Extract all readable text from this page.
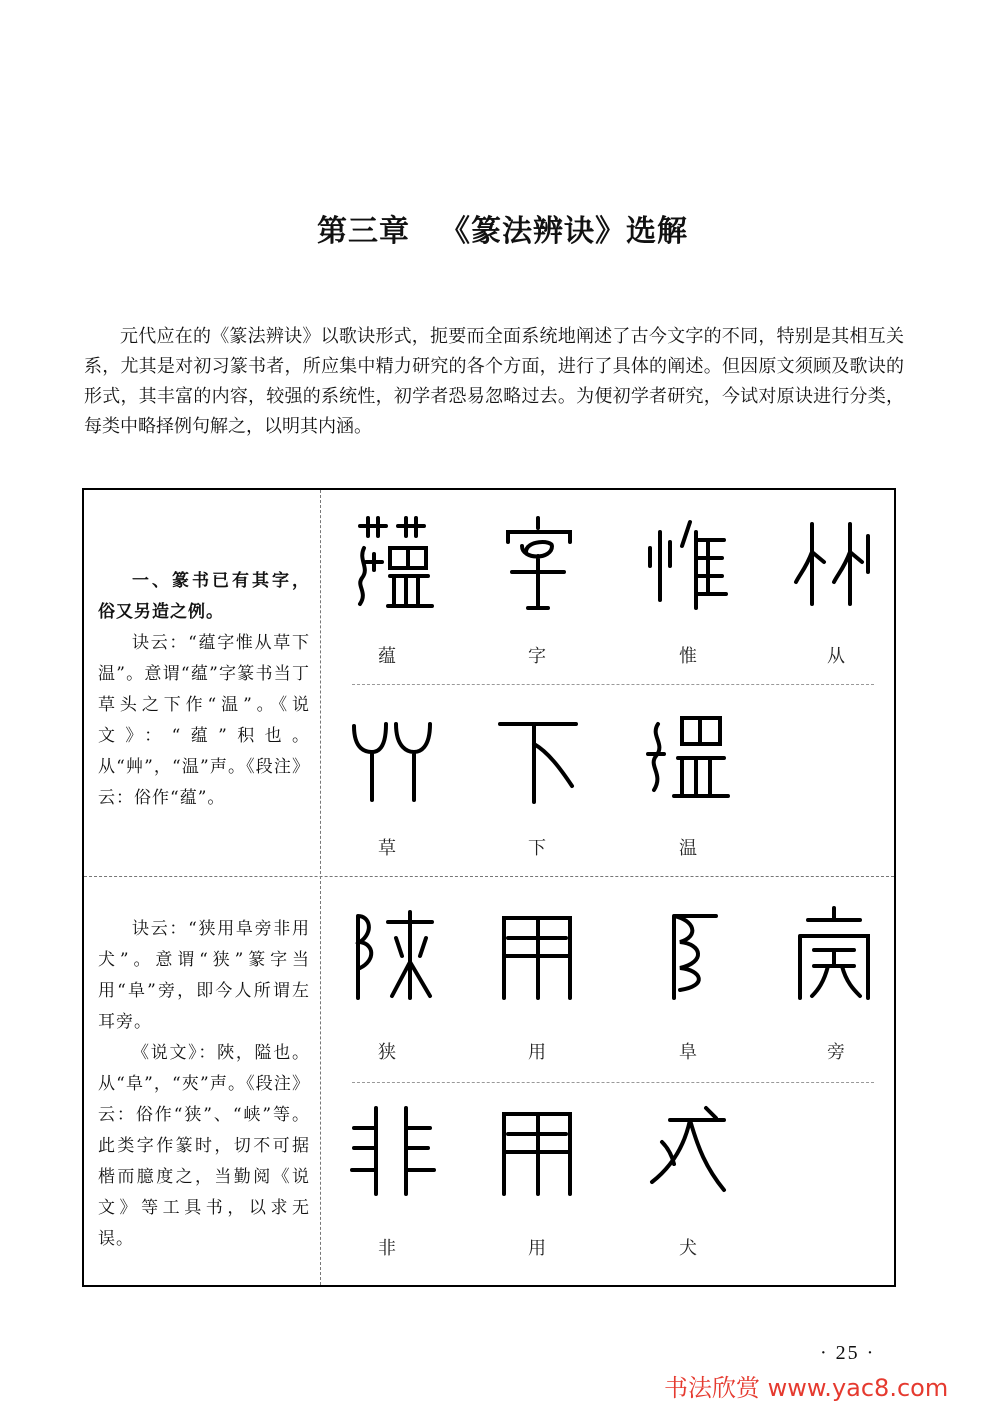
第三章 《篆法辨诀》选解

元代应在的《篆法辨诀》以歌诀形式，扼要而全面系统地阐述了古今文字的不同，特别是其相互关系，尤其是对初习篆书者，所应集中精力研究的各个方面，进行了具体的阐述。但因原文须顾及歌诀的形式，其丰富的内容，较强的系统性，初学者恐易忽略过去。为便初学者研究，今试对原诀进行分类，每类中略择例句解之，以明其内涵。

一、篆书已有其字，俗又另造之例。

诀云：“蕴字惟从草下温”。意谓“蕴”字篆书当丁草头之下作“温”。《说文》：“蕴”积也。从“艸”，“温”声。《段注》云：俗作“蕴”。

诀云：“狭用阜旁非用犬”。意谓“狭”篆字当用“阜”旁，即今人所谓左耳旁。

《说文》：陜，隘也。从“阜”，“夾”声。《段注》云：俗作“狭”、“峡”等。此类字作篆时，切不可据楷而臆度之，当勤阅《说文》等工具书，以求无误。

蕴	字	惟	从
草	下	温
狭	用	阜	旁
非	用	犬
· 25 ·
书法欣赏 www.yac8.com
